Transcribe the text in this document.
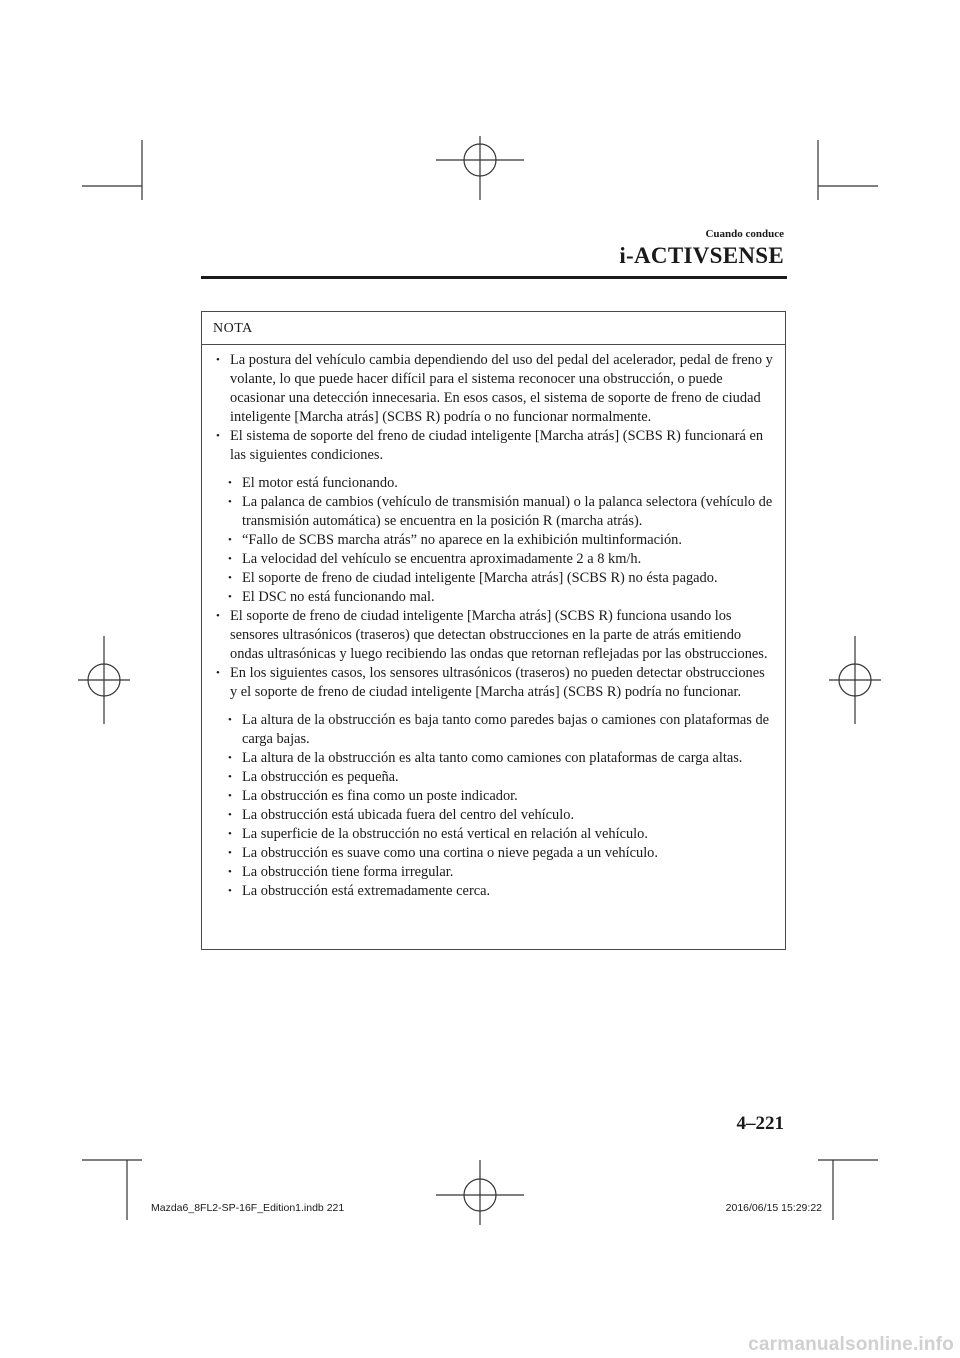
Cuando conduce
i-ACTIVSENSE
NOTA
• La postura del vehículo cambia dependiendo del uso del pedal del acelerador, pedal de freno y volante, lo que puede hacer difícil para el sistema reconocer una obstrucción, o puede ocasionar una detección innecesaria. En esos casos, el sistema de soporte de freno de ciudad inteligente [Marcha atrás] (SCBS R) podría o no funcionar normalmente.
• El sistema de soporte del freno de ciudad inteligente [Marcha atrás] (SCBS R) funcionará en las siguientes condiciones.
• El motor está funcionando.
• La palanca de cambios (vehículo de transmisión manual) o la palanca selectora (vehículo de transmisión automática) se encuentra en la posición R (marcha atrás).
• “Fallo de SCBS marcha atrás” no aparece en la exhibición multinformación.
• La velocidad del vehículo se encuentra aproximadamente 2 a 8 km/h.
• El soporte de freno de ciudad inteligente [Marcha atrás] (SCBS R) no ésta pagado.
• El DSC no está funcionando mal.
• El soporte de freno de ciudad inteligente [Marcha atrás] (SCBS R) funciona usando los sensores ultrasónicos (traseros) que detectan obstrucciones en la parte de atrás emitiendo ondas ultrasónicas y luego recibiendo las ondas que retornan reflejadas por las obstrucciones.
• En los siguientes casos, los sensores ultrasónicos (traseros) no pueden detectar obstrucciones y el soporte de freno de ciudad inteligente [Marcha atrás] (SCBS R) podría no funcionar.
• La altura de la obstrucción es baja tanto como paredes bajas o camiones con plataformas de carga bajas.
• La altura de la obstrucción es alta tanto como camiones con plataformas de carga altas.
• La obstrucción es pequeña.
• La obstrucción es fina como un poste indicador.
• La obstrucción está ubicada fuera del centro del vehículo.
• La superficie de la obstrucción no está vertical en relación al vehículo.
• La obstrucción es suave como una cortina o nieve pegada a un vehículo.
• La obstrucción tiene forma irregular.
• La obstrucción está extremadamente cerca.
4–221
Mazda6_8FL2-SP-16F_Edition1.indb 221	2016/06/15 15:29:22
carmanualsonline.info
